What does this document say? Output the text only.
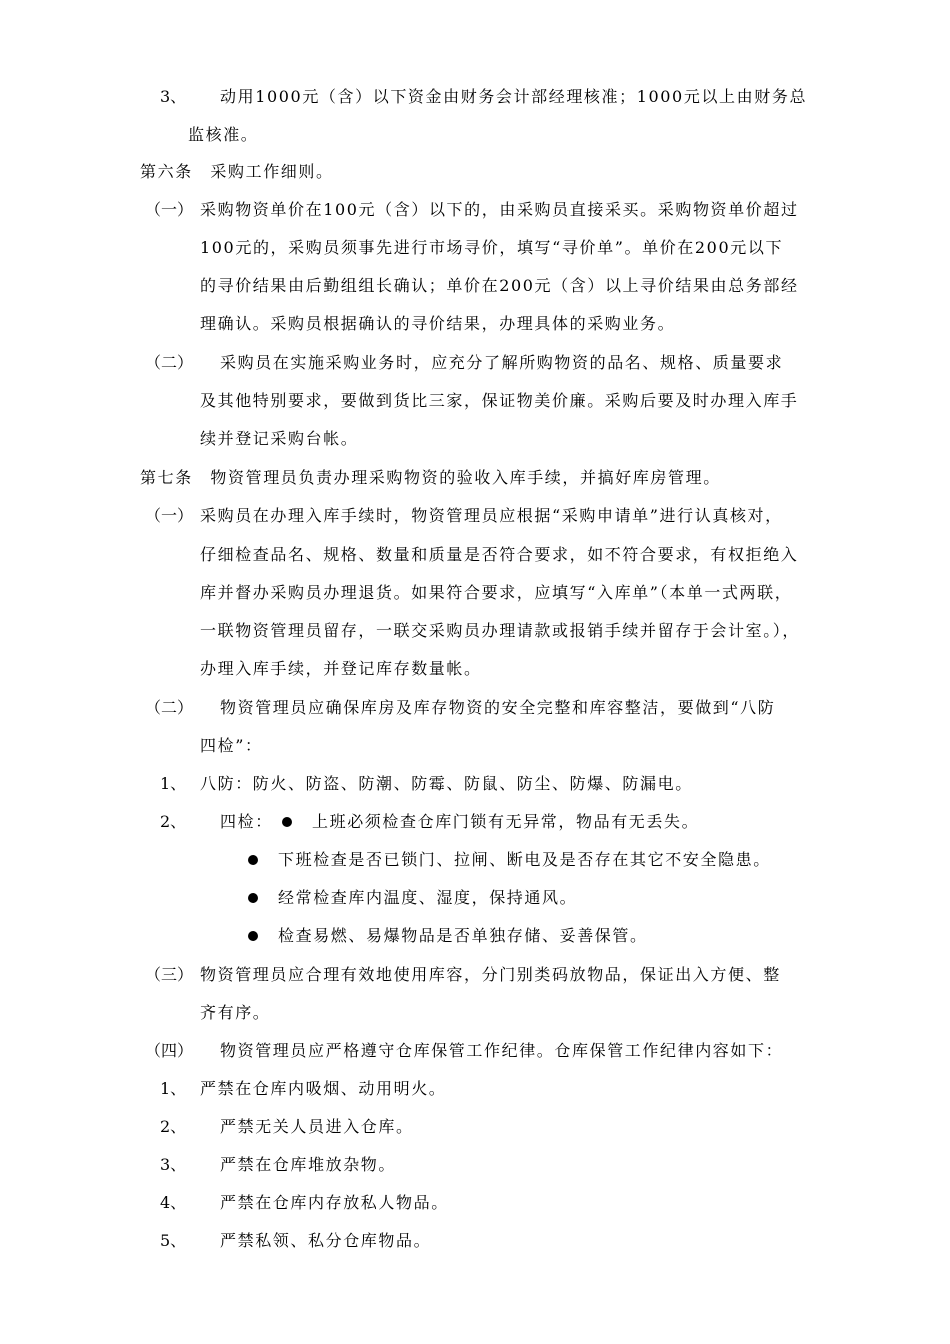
3、 动用1000元（含）以下资金由财务会计部经理核准；1000元以上由财务总
监核准。
第六条　采购工作细则。
（一） 采购物资单价在100元（含）以下的，由采购员直接采买。采购物资单价超过
100元的，采购员须事先进行市场寻价，填写“寻价单”。单价在200元以下
的寻价结果由后勤组组长确认；单价在200元（含）以上寻价结果由总务部经
理确认。采购员根据确认的寻价结果，办理具体的采购业务。
（二） 采购员在实施采购业务时，应充分了解所购物资的品名、规格、质量要求
及其他特别要求，要做到货比三家，保证物美价廉。采购后要及时办理入库手
续并登记采购台帐。
第七条　物资管理员负责办理采购物资的验收入库手续，并搞好库房管理。
（一） 采购员在办理入库手续时，物资管理员应根据“采购申请单”进行认真核对，
仔细检查品名、规格、数量和质量是否符合要求，如不符合要求，有权拒绝入
库并督办采购员办理退货。如果符合要求，应填写“入库单”（本单一式两联，
一联物资管理员留存，一联交采购员办理请款或报销手续并留存于会计室。），
办理入库手续，并登记库存数量帐。
（二） 物资管理员应确保库房及库存物资的安全完整和库容整洁，要做到“八防
四检”：
1、 八防：防火、防盗、防潮、防霉、防鼠、防尘、防爆、防漏电。
2、 四检： 上班必须检查仓库门锁有无异常，物品有无丢失。
下班检查是否已锁门、拉闸、断电及是否存在其它不安全隐患。
经常检查库内温度、湿度，保持通风。
检查易燃、易爆物品是否单独存储、妥善保管。
（三） 物资管理员应合理有效地使用库容，分门别类码放物品，保证出入方便、整
齐有序。
（四） 物资管理员应严格遵守仓库保管工作纪律。仓库保管工作纪律内容如下：
1、 严禁在仓库内吸烟、动用明火。
2、 严禁无关人员进入仓库。
3、 严禁在仓库堆放杂物。
4、 严禁在仓库内存放私人物品。
5、 严禁私领、私分仓库物品。
